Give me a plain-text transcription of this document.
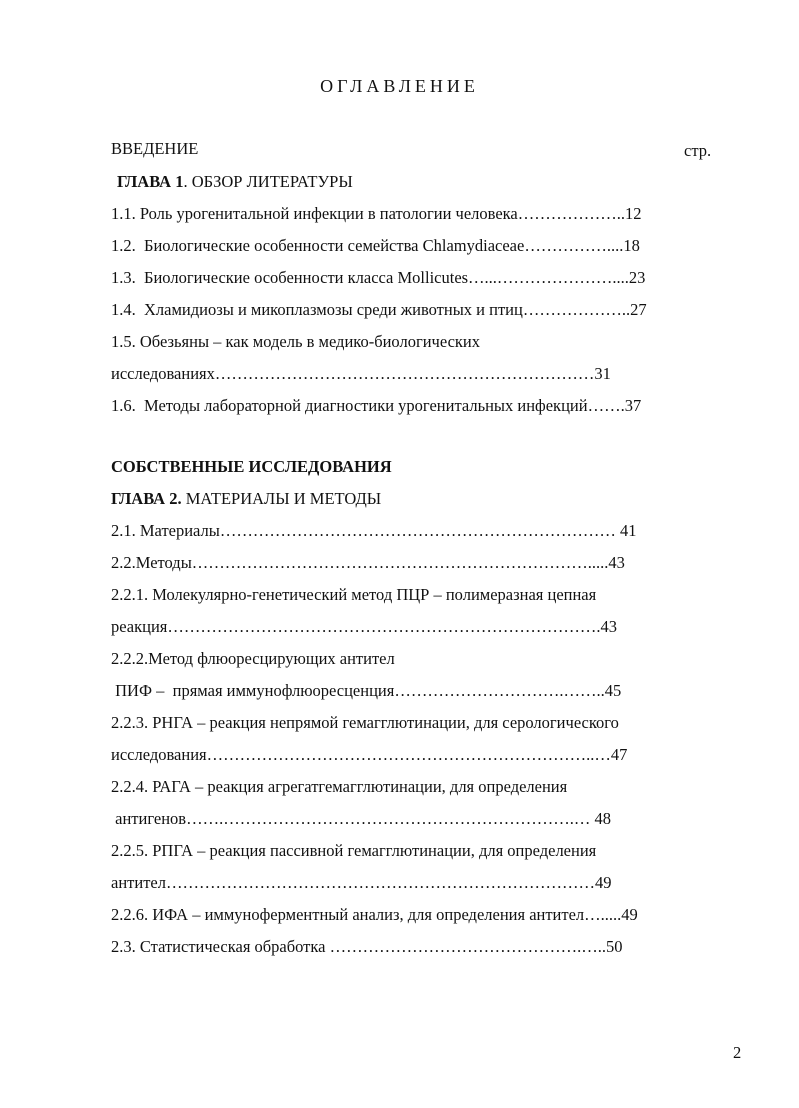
ОГЛАВЛЕНИЕ
ВВЕДЕНИЕ	стр.
ГЛАВА 1. ОБЗОР ЛИТЕРАТУРЫ
1.1. Роль урогенитальной инфекции в патологии человека………………..12
1.2.  Биологические особенности семейства Chlamydiaceae……………....18
1.3.  Биологические особенности класса Mollicutes…...…………………....23
1.4.  Хламидиозы и микоплазмозы среди животных и птиц………………..27
1.5. Обезьяны – как модель в медико-биологических
исследованиях……………………………………………………………31
1.6.  Методы лабораторной диагностики урогенитальных инфекций…….37
СОБСТВЕННЫЕ ИССЛЕДОВАНИЯ
ГЛАВА 2. МАТЕРИАЛЫ И МЕТОДЫ
2.1. Материалы……………………………………………………………… 41
2.2.Методы……………………………………………………………….....43
2.2.1. Молекулярно-генетический метод ПЦР – полимеразная цепная
реакция…………………………………………………………………….43
2.2.2.Метод флюоресцирующих антител
ПИФ –  прямая иммунофлюоресценция………………………….……..45
2.2.3. РНГА – реакция непрямой гемагглютинации, для серологического
исследования……………………………………………………………..…47
2.2.4. РАГА – реакция агрегатгемагглютинации, для определения
антигенов…….……………………………………………………….… 48
2.2.5. РПГА – реакция пассивной гемагглютинации, для определения
антител……………………………………………………………………49
2.2.6. ИФА – иммуноферментный анализ, для определения антител….....49
2.3. Статистическая обработка ……………………………………….…..50
2
